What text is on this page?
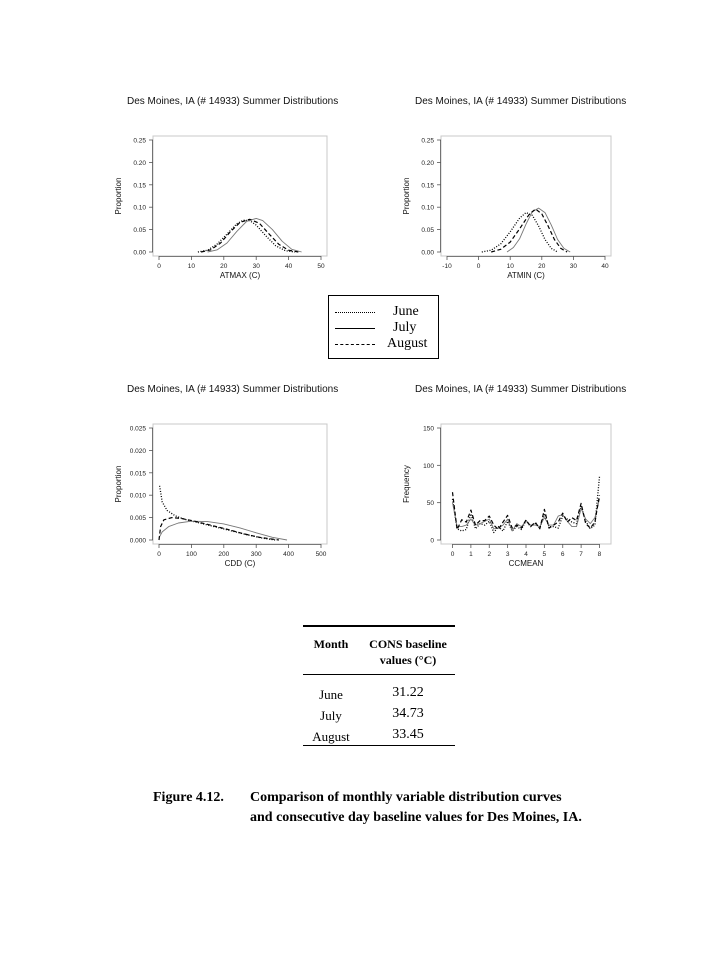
Des Moines, IA (# 14933) Summer Distributions
0.00
0.05
0.10
0.15
0.20
0.25
0	10	20	30	40	50
ATMAX (C)
Proportion
Des Moines, IA (# 14933) Summer Distributions
0.00
0.05
0.10
0.15
0.20
0.25
-10	0	10	20	30	40
ATMIN (C)
Proportion
June
July
August
Des Moines, IA (# 14933) Summer Distributions
0.000
0.005
0.010
0.015
0.020
0.025
0	100	200	300	400	500
CDD (C)
Proportion
Des Moines, IA (# 14933) Summer Distributions
0
50
100
150
0 1 2 3 4 5 6 7 8
CCMEAN
Frequency
Month	CONS baseline
values (°C)
June	31.22
July	34.73
August	33.45
Figure 4.12. Comparison of monthly variable distribution curves
and consecutive day baseline values for Des Moines, IA.
